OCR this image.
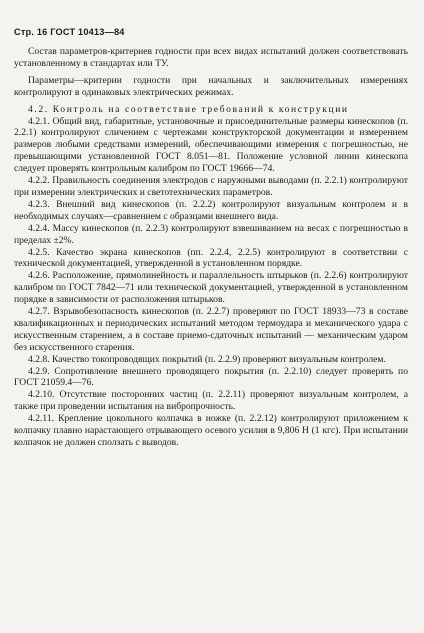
Стр. 16 ГОСТ 10413—84

Состав параметров-критериев годности при всех видах испытаний должен соответствовать установленному в стандартах или ТУ.

Параметры—критерии годности при начальных и заключительных измерениях контролируют в одинаковых электрических режимах.

4.2. Контроль на соответствие требований к конструкции

4.2.1. Общий вид, габаритные, установочные и присоединительные размеры кинескопов (п. 2.2.1) контролируют сличением с чертежами конструкторской документации и измерением размеров любыми средствами измерений, обеспечивающими измерения с погрешностью, не превышающими установленной ГОСТ 8.051—81. Положение условной линии кинескопа следует проверять контрольным калибром по ГОСТ 19666—74.

4.2.2. Правильность соединения электродов с наружными выводами (п. 2.2.1) контролируют при измерении электрических и светотехнических параметров.

4.2.3. Внешний вид кинескопов (п. 2.2.2) контролируют визуальным контролем и в необходимых случаях—сравнением с образцами внешнего вида.

4.2.4. Массу кинескопов (п. 2.2.3) контролируют взвешиванием на весах с погрешностью в пределах ±2%.

4.2.5. Качество экрана кинескопов (пп. 2.2.4, 2.2.5) контролируют в соответствии с технической документацией, утвержденной в установленном порядке.

4.2.6. Расположение, прямолинейность и параллельность штырьков (п. 2.2.6) контролируют калибром по ГОСТ 7842—71 или технической документацией, утвержденной в установленном порядке в зависимости от расположения штырьков.

4.2.7. Взрывобезопасность кинескопов (п. 2.2.7) проверяют по ГОСТ 18933—73 в составе квалификационных и периодических испытаний методом термоудара и механического удара с искусственным старением, а в составе приемо-сдаточных испытаний — механическим ударом без искусственного старения.

4.2.8. Качество токопроводящих покрытий (п. 2.2.9) проверяют визуальным контролем.

4.2.9. Сопротивление внешнего проводящего покрытия (п. 2.2.10) следует проверять по ГОСТ 21059.4—76.

4.2.10. Отсутствие посторонних частиц (п. 2.2.11) проверяют визуальным контролем, а также при проведении испытания на вибропрочность.

4.2.11. Крепление цокольного колпачка в ножке (п. 2.2.12) контролируют приложением к колпачку плавно нарастающего отрывающего осевого усилия в 9,806 Н (1 кгс). При испытании колпачок не должен сползать с выводов.
